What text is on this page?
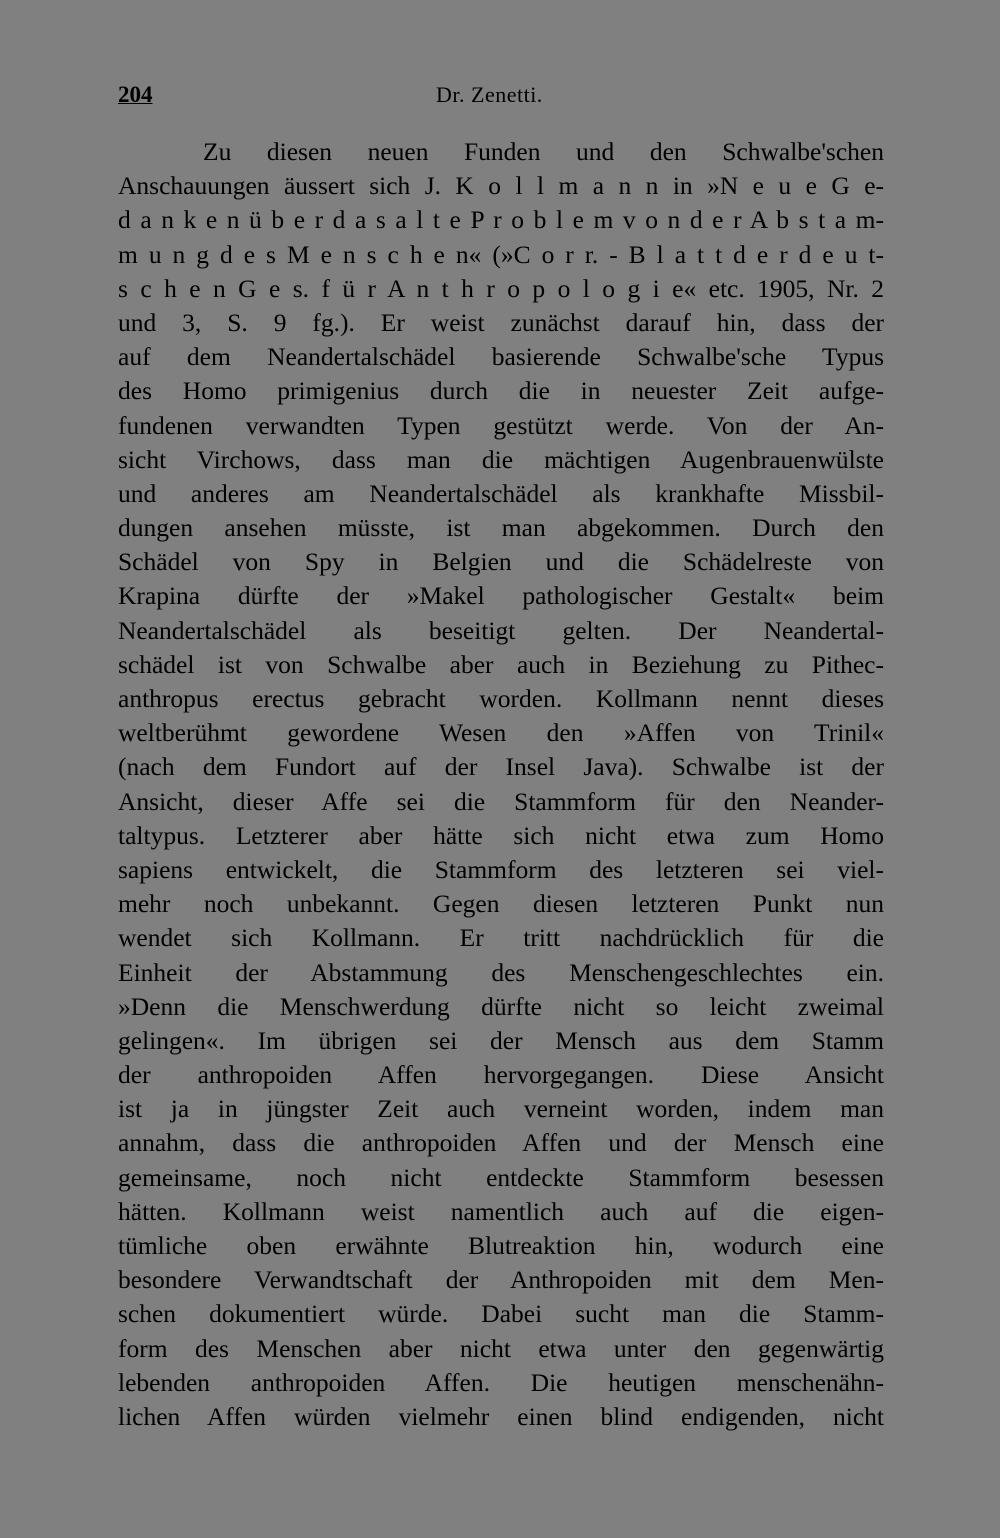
204	Dr. Zenetti.
Zu diesen neuen Funden und den Schwalbe'schen
Anschauungen äussert sich J. K o l l m a n n in »N e u e G e-
d a n k e n ü b e r d a s a l t e P r o b l e m v o n d e r A b s t a m-
m u n g d e s M e n s c h e n« (»C o r r. - B l a t t d e r d e u t-
s c h e n G e s. f ü r A n t h r o p o l o g i e« etc. 1905, Nr. 2
und 3, S. 9 fg.). Er weist zunächst darauf hin, dass der
auf dem Neandertalschädel basierende Schwalbe'sche Typus
des Homo primigenius durch die in neuester Zeit aufge-
fundenen verwandten Typen gestützt werde. Von der An-
sicht Virchows, dass man die mächtigen Augenbrauenwülste
und anderes am Neandertalschädel als krankhafte Missbil-
dungen ansehen müsste, ist man abgekommen. Durch den
Schädel von Spy in Belgien und die Schädelreste von
Krapina dürfte der »Makel pathologischer Gestalt« beim
Neandertalschädel als beseitigt gelten. Der Neandertal-
schädel ist von Schwalbe aber auch in Beziehung zu Pithec-
anthropus erectus gebracht worden. Kollmann nennt dieses
weltberühmt gewordene Wesen den »Affen von Trinil«
(nach dem Fundort auf der Insel Java). Schwalbe ist der
Ansicht, dieser Affe sei die Stammform für den Neander-
taltypus. Letzterer aber hätte sich nicht etwa zum Homo
sapiens entwickelt, die Stammform des letzteren sei viel-
mehr noch unbekannt. Gegen diesen letzteren Punkt nun
wendet sich Kollmann. Er tritt nachdrücklich für die
Einheit der Abstammung des Menschengeschlechtes ein.
»Denn die Menschwerdung dürfte nicht so leicht zweimal
gelingen«. Im übrigen sei der Mensch aus dem Stamm
der anthropoiden Affen hervorgegangen. Diese Ansicht
ist ja in jüngster Zeit auch verneint worden, indem man
annahm, dass die anthropoiden Affen und der Mensch eine
gemeinsame, noch nicht entdeckte Stammform besessen
hätten. Kollmann weist namentlich auch auf die eigen-
tümliche oben erwähnte Blutreaktion hin, wodurch eine
besondere Verwandtschaft der Anthropoiden mit dem Men-
schen dokumentiert würde. Dabei sucht man die Stamm-
form des Menschen aber nicht etwa unter den gegenwärtig
lebenden anthropoiden Affen. Die heutigen menschenähn-
lichen Affen würden vielmehr einen blind endigenden, nicht
